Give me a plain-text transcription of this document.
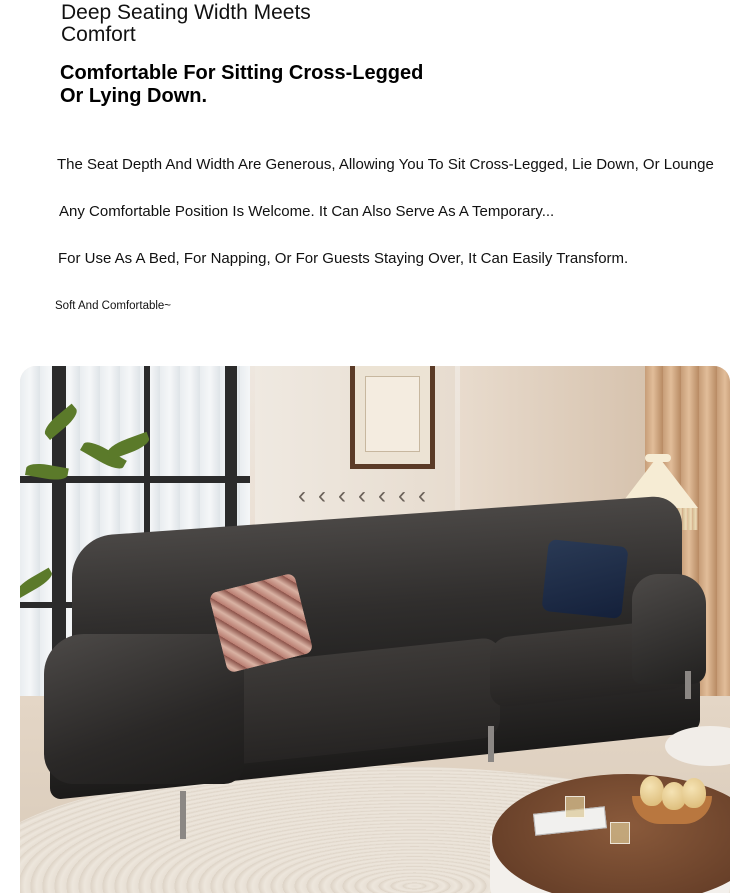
Deep Seating Width Meets
Comfort
Comfortable For Sitting Cross-Legged
Or Lying Down.
The Seat Depth And Width Are Generous, Allowing You To Sit Cross-Legged, Lie Down, Or Lounge
Any Comfortable Position Is Welcome. It Can Also Serve As A Temporary...
For Use As A Bed, For Napping, Or For Guests Staying Over, It Can Easily Transform.
Soft And Comfortable~
‹ ‹ ‹ ‹ ‹ ‹ ‹
